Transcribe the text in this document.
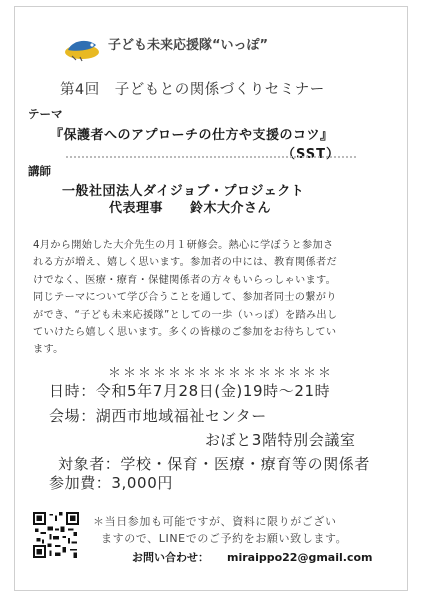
子ども未来応援隊“いっぽ”
第4回　子どもとの関係づくりセミナー
テーマ
『保護者へのアプローチの仕方や支援のコツ』
（SST）
講師
一般社団法人ダイジョブ・プロジェクト
代表理事　　鈴木大介さん
4月から開始した大介先生の月１研修会。熱心に学ぼうと参加さ
れる方が増え、嬉しく思います。参加者の中には、教育関係者だ
けでなく、医療・療育・保健関係者の方々もいらっしゃいます。
同じテーマについて学び合うことを通して、参加者同士の繋がり
ができ、“子ども未来応援隊”としての一歩（いっぽ）を踏み出し
ていけたら嬉しく思います。多くの皆様のご参加をお待ちしてい
ます。
＊＊＊＊＊＊＊＊＊＊＊＊＊＊＊
日時：令和5年7月28日(金)19時～21時
会場：湖西市地域福祉センター
おぼと3階特別会議室
対象者：学校・保育・医療・療育等の関係者
参加費：3,000円
＊当日参加も可能ですが、資料に限りがござい
ますので、LINEでのご予約をお願い致します。
お問い合わせ： miraippo22@gmail.com
